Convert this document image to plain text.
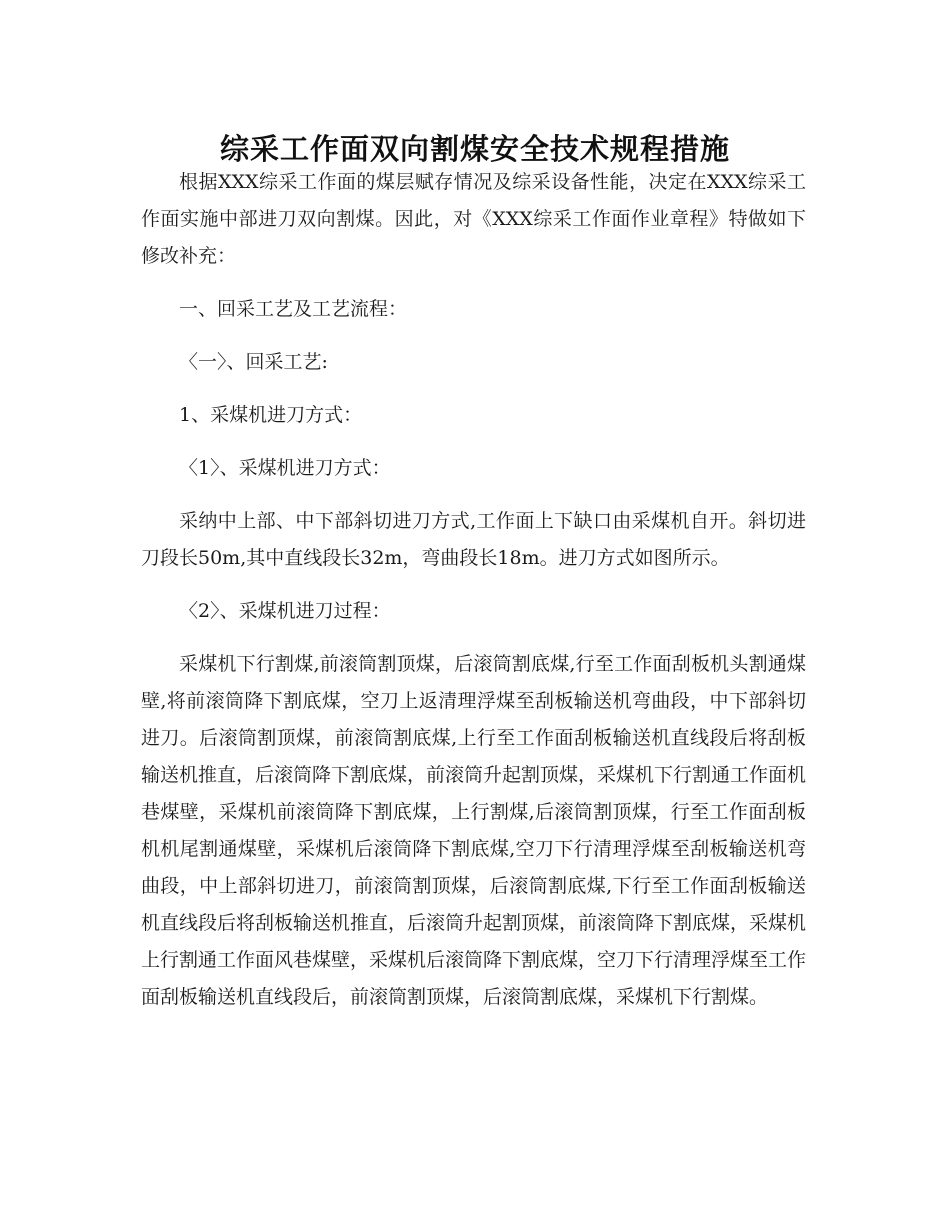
综采工作面双向割煤安全技术规程措施

根据XXX综采工作面的煤层赋存情况及综采设备性能，决定在XXX综采工作面实施中部进刀双向割煤。因此，对《XXX综采工作面作业章程》特做如下修改补充：

一、回采工艺及工艺流程：

〈一〉、回采工艺:

1、采煤机进刀方式：

〈1〉、采煤机进刀方式：

采纳中上部、中下部斜切进刀方式,工作面上下缺口由采煤机自开。斜切进刀段长50m,其中直线段长32m，弯曲段长18m。进刀方式如图所示。

〈2〉、采煤机进刀过程：

采煤机下行割煤,前滚筒割顶煤，后滚筒割底煤,行至工作面刮板机头割通煤壁,将前滚筒降下割底煤，空刀上返清理浮煤至刮板输送机弯曲段，中下部斜切进刀。后滚筒割顶煤，前滚筒割底煤,上行至工作面刮板输送机直线段后将刮板输送机推直，后滚筒降下割底煤，前滚筒升起割顶煤，采煤机下行割通工作面机巷煤壁，采煤机前滚筒降下割底煤，上行割煤,后滚筒割顶煤，行至工作面刮板机机尾割通煤壁，采煤机后滚筒降下割底煤,空刀下行清理浮煤至刮板输送机弯曲段，中上部斜切进刀，前滚筒割顶煤，后滚筒割底煤,下行至工作面刮板输送机直线段后将刮板输送机推直，后滚筒升起割顶煤，前滚筒降下割底煤，采煤机上行割通工作面风巷煤壁，采煤机后滚筒降下割底煤，空刀下行清理浮煤至工作面刮板输送机直线段后，前滚筒割顶煤，后滚筒割底煤，采煤机下行割煤。
